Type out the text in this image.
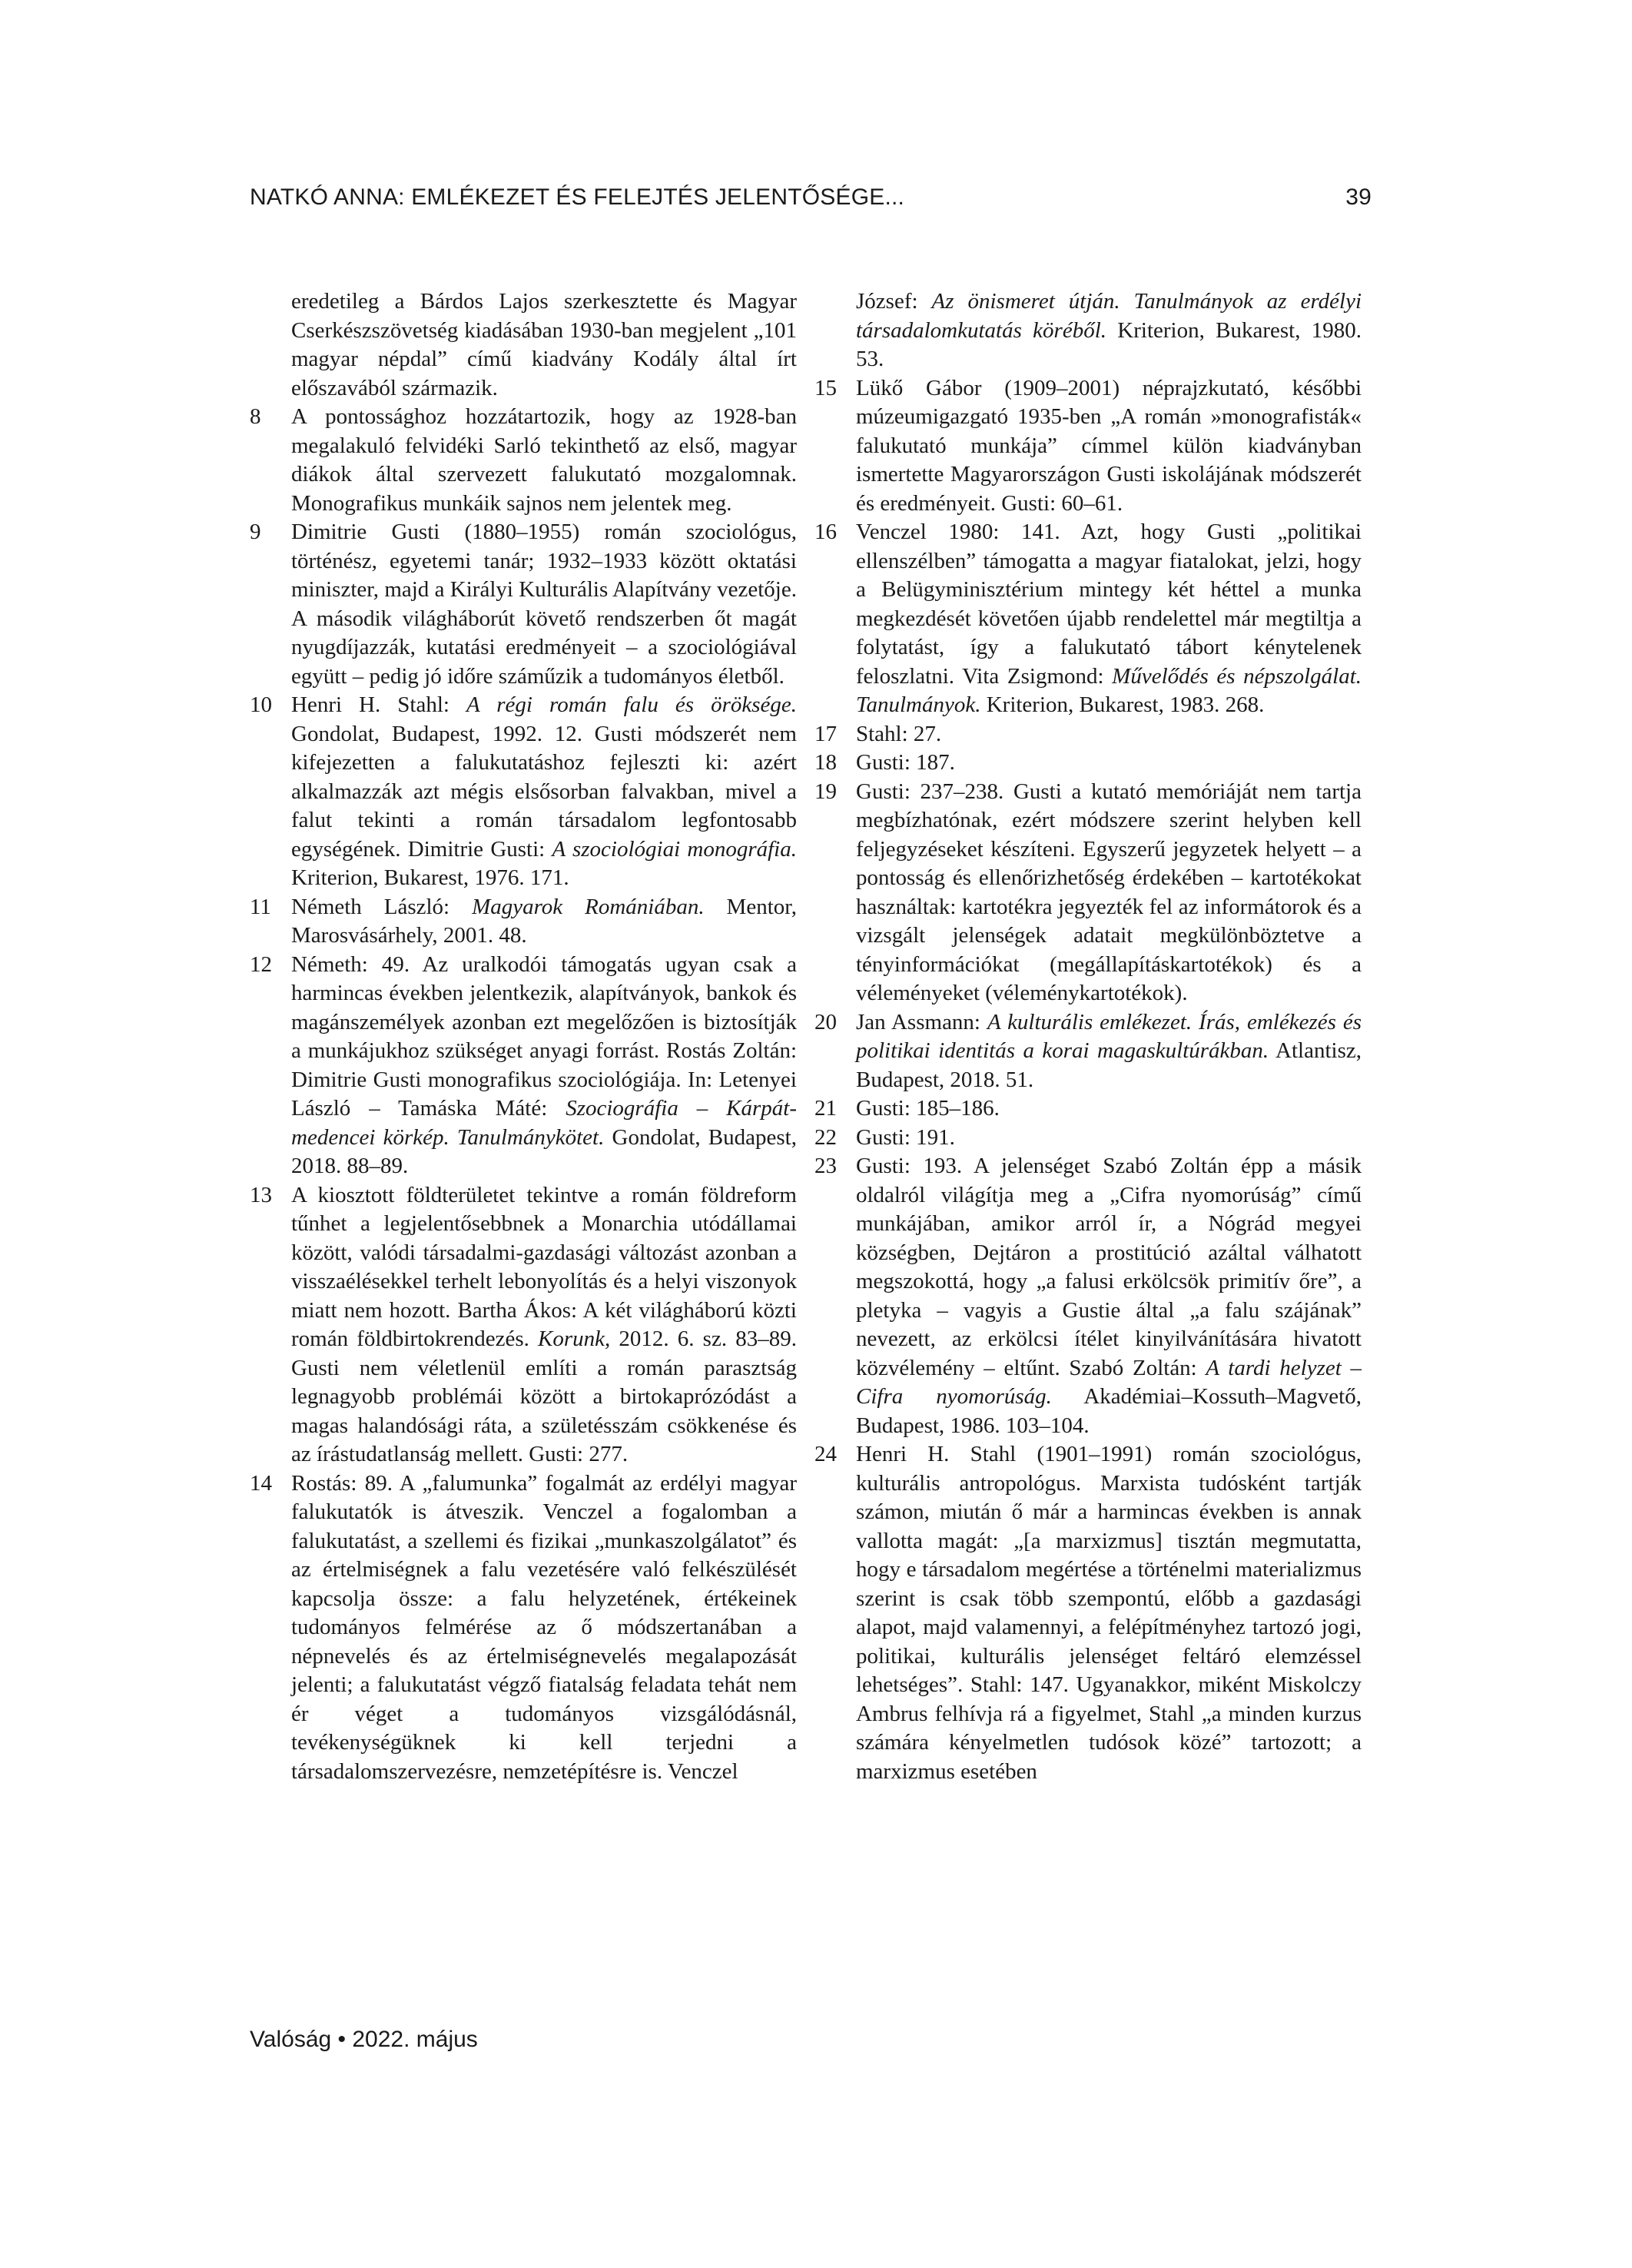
NATKÓ ANNA: EMLÉKEZET ÉS FELEJTÉS JELENTŐSÉGE...	39

eredetileg a Bárdos Lajos szerkesztette és Magyar Cserkészszövetség kiadásában 1930-ban megjelent „101 magyar népdal” című kiadvány Kodály által írt előszavából származik.

8	A pontossághoz hozzátartozik, hogy az 1928-ban megalakuló felvidéki Sarló tekinthető az első, magyar diákok által szervezett falukutató mozgalomnak. Monografikus munkáik sajnos nem jelentek meg.

9	Dimitrie Gusti (1880–1955) román szociológus, történész, egyetemi tanár; 1932–1933 között oktatási miniszter, majd a Királyi Kulturális Alapítvány vezetője. A második világháborút követő rendszerben őt magát nyugdíjazzák, kutatási eredményeit – a szociológiával együtt – pedig jó időre száműzik a tudományos életből.

10 Henri H. Stahl: A régi román falu és öröksége. Gondolat, Budapest, 1992. 12. Gusti módszerét nem kifejezetten a falukutatáshoz fejleszti ki: azért alkalmazzák azt mégis elsősorban falvakban, mivel a falut tekinti a román társadalom legfontosabb egységének. Dimitrie Gusti: A szociológiai monográfia. Kriterion, Bukarest, 1976. 171.

11 Németh László: Magyarok Romániában. Mentor, Marosvásárhely, 2001. 48.

12 Németh: 49. Az uralkodói támogatás ugyan csak a harmincas években jelentkezik, alapítványok, bankok és magánszemélyek azonban ezt megelőzően is biztosítják a munkájukhoz szükséget anyagi forrást. Rostás Zoltán: Dimitrie Gusti monografikus szociológiája. In: Letenyei László – Tamáska Máté: Szociográfia – Kárpát-medencei körkép. Tanulmánykötet. Gondolat, Budapest, 2018. 88–89.

13 A kiosztott földterületet tekintve a román földreform tűnhet a legjelentősebbnek a Monarchia utódállamai között, valódi társadalmi-gazdasági változást azonban a visszaélésekkel terhelt lebonyolítás és a helyi viszonyok miatt nem hozott. Bartha Ákos: A két világháború közti román földbirtokrendezés. Korunk, 2012. 6. sz. 83–89. Gusti nem véletlenül említi a román parasztság legnagyobb problémái között a birtokaprózódást a magas halandósági ráta, a születésszám csökkenése és az írástudatlanság mellett. Gusti: 277.

14 Rostás: 89. A „falumunka” fogalmát az erdélyi magyar falukutatók is átveszik. Venczel a fogalomban a falukutatást, a szellemi és fizikai „munkaszolgálatot” és az értelmiségnek a falu vezetésére való felkészülését kapcsolja össze: a falu helyzetének, értékeinek tudományos felmérése az ő módszertanában a népnevelés és az értelmiségnevelés megalapozását jelenti; a falukutatást végző fiatalság feladata tehát nem ér véget a tudományos vizsgálódásnál, tevékenységüknek ki kell terjedni a társadalomszervezésre, nemzetépítésre is. Venczel

József: Az önismeret útján. Tanulmányok az erdélyi társadalomkutatás köréből. Kriterion, Bukarest, 1980. 53.

15 Lükő Gábor (1909–2001) néprajzkutató, későbbi múzeumigazgató 1935-ben „A román »monografisták« falukutató munkája” címmel külön kiadványban ismertette Magyarországon Gusti iskolájának módszerét és eredményeit. Gusti: 60–61.

16 Venczel 1980: 141. Azt, hogy Gusti „politikai ellenszélben” támogatta a magyar fiatalokat, jelzi, hogy a Belügyminisztérium mintegy két héttel a munka megkezdését követően újabb rendelettel már megtiltja a folytatást, így a falukutató tábort kénytelenek feloszlatni. Vita Zsigmond: Művelődés és népszolgálat. Tanulmányok. Kriterion, Bukarest, 1983. 268.

17 Stahl: 27.

18 Gusti: 187.

19 Gusti: 237–238. Gusti a kutató memóriáját nem tartja megbízhatónak, ezért módszere szerint helyben kell feljegyzéseket készíteni. Egyszerű jegyzetek helyett – a pontosság és ellenőrizhetőség érdekében – kartotékokat használtak: kartotékra jegyezték fel az informátorok és a vizsgált jelenségek adatait megkülönböztetve a tényinformációkat (megállapításkartotékok) és a véleményeket (véleménykartotékok).

20 Jan Assmann: A kulturális emlékezet. Írás, emlékezés és politikai identitás a korai magaskultúrákban. Atlantisz, Budapest, 2018. 51.

21 Gusti: 185–186.

22 Gusti: 191.

23 Gusti: 193. A jelenséget Szabó Zoltán épp a másik oldalról világítja meg a „Cifra nyomorúság” című munkájában, amikor arról ír, a Nógrád megyei községben, Dejtáron a prostitúció azáltal válhatott megszokottá, hogy „a falusi erkölcsök primitív őre”, a pletyka – vagyis a Gustie által „a falu szájának” nevezett, az erkölcsi ítélet kinyilvánítására hivatott közvélemény – eltűnt. Szabó Zoltán: A tardi helyzet – Cifra nyomorúság. Akadémiai–Kossuth–Magvető, Budapest, 1986. 103–104.

24 Henri H. Stahl (1901–1991) román szociológus, kulturális antropológus. Marxista tudósként tartják számon, miután ő már a harmincas években is annak vallotta magát: „[a marxizmus] tisztán megmutatta, hogy e társadalom megértése a történelmi materializmus szerint is csak több szempontú, előbb a gazdasági alapot, majd valamennyi, a felépítményhez tartozó jogi, politikai, kulturális jelenséget feltáró elemzéssel lehetséges”. Stahl: 147. Ugyanakkor, miként Miskolczy Ambrus felhívja rá a figyelmet, Stahl „a minden kurzus számára kényelmetlen tudósok közé” tartozott; a marxizmus esetében

Valóság • 2022. május
